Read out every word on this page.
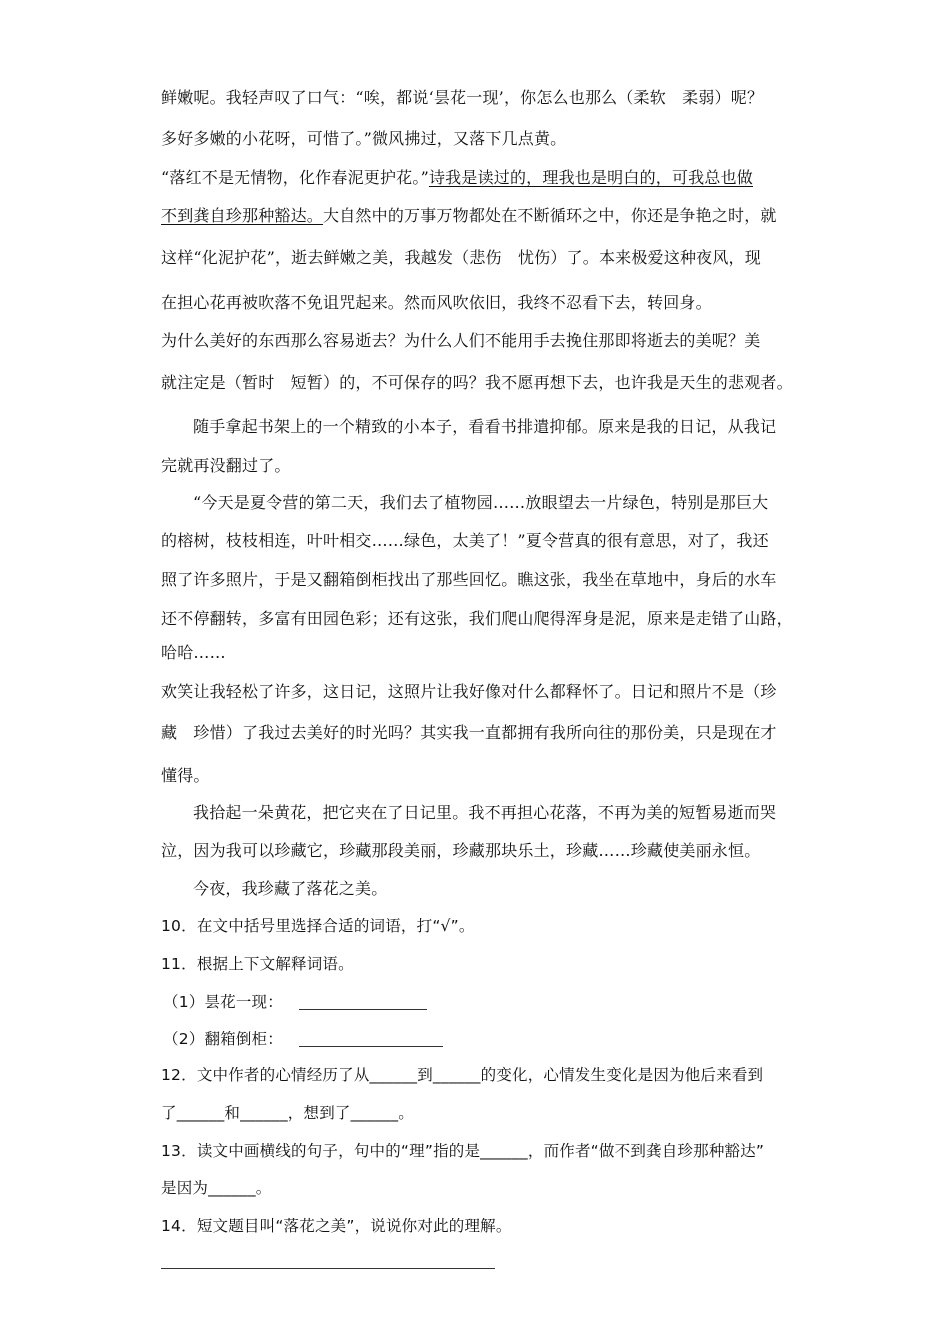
鲜嫩呢。我轻声叹了口气：“唉，都说‘昙花一现’，你怎么也那么（柔软　柔弱）呢？
多好多嫩的小花呀，可惜了。”微风拂过，又落下几点黄。
“落红不是无情物，化作春泥更护花。”诗我是读过的，理我也是明白的，可我总也做
不到龚自珍那种豁达。大自然中的万事万物都处在不断循环之中，你还是争艳之时，就
这样“化泥护花”，逝去鲜嫩之美，我越发（悲伤　忧伤）了。本来极爱这种夜风，现
在担心花再被吹落不免诅咒起来。然而风吹依旧，我终不忍看下去，转回身。
为什么美好的东西那么容易逝去？为什么人们不能用手去挽住那即将逝去的美呢？美
就注定是（暂时　短暂）的，不可保存的吗？我不愿再想下去，也许我是天生的悲观者。
随手拿起书架上的一个精致的小本子，看看书排遣抑郁。原来是我的日记，从我记
完就再没翻过了。
“今天是夏令营的第二天，我们去了植物园……放眼望去一片绿色，特别是那巨大
的榕树，枝枝相连，叶叶相交……绿色，太美了！”夏令营真的很有意思，对了，我还
照了许多照片，于是又翻箱倒柜找出了那些回忆。瞧这张，我坐在草地中，身后的水车
还不停翻转，多富有田园色彩；还有这张，我们爬山爬得浑身是泥，原来是走错了山路，
哈哈……
欢笑让我轻松了许多，这日记，这照片让我好像对什么都释怀了。日记和照片不是（珍
藏　珍惜）了我过去美好的时光吗？其实我一直都拥有我所向往的那份美，只是现在才
懂得。
我拾起一朵黄花，把它夹在了日记里。我不再担心花落，不再为美的短暂易逝而哭
泣，因为我可以珍藏它，珍藏那段美丽，珍藏那块乐土，珍藏……珍藏使美丽永恒。
今夜，我珍藏了落花之美。
10．在文中括号里选择合适的词语，打“√”。
11．根据上下文解释词语。
（1）昙花一现：
（2）翻箱倒柜：
12．文中作者的心情经历了从______到______的变化，心情发生变化是因为他后来看到
了______和______，想到了______。
13．读文中画横线的句子，句中的“理”指的是______，而作者“做不到龚自珍那种豁达”
是因为______。
14．短文题目叫“落花之美”，说说你对此的理解。
